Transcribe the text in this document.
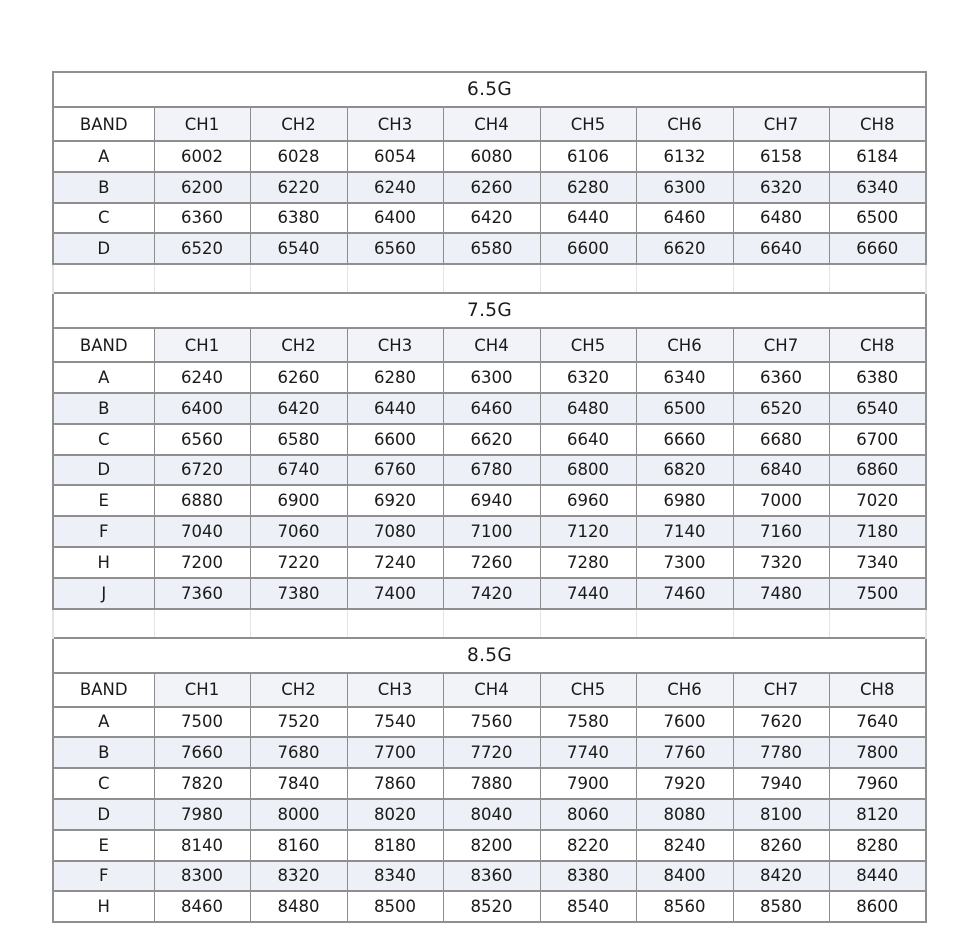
6.5G								
BAND	CH1	CH2	CH3	CH4	CH5	CH6	CH7	CH8
A	6002	6028	6054	6080	6106	6132	6158	6184
B	6200	6220	6240	6260	6280	6300	6320	6340
C	6360	6380	6400	6420	6440	6460	6480	6500
D	6520	6540	6560	6580	6600	6620	6640	6660

7.5G								
BAND	CH1	CH2	CH3	CH4	CH5	CH6	CH7	CH8
A	6240	6260	6280	6300	6320	6340	6360	6380
B	6400	6420	6440	6460	6480	6500	6520	6540
C	6560	6580	6600	6620	6640	6660	6680	6700
D	6720	6740	6760	6780	6800	6820	6840	6860
E	6880	6900	6920	6940	6960	6980	7000	7020
F	7040	7060	7080	7100	7120	7140	7160	7180
H	7200	7220	7240	7260	7280	7300	7320	7340
J	7360	7380	7400	7420	7440	7460	7480	7500

8.5G								
BAND	CH1	CH2	CH3	CH4	CH5	CH6	CH7	CH8
A	7500	7520	7540	7560	7580	7600	7620	7640
B	7660	7680	7700	7720	7740	7760	7780	7800
C	7820	7840	7860	7880	7900	7920	7940	7960
D	7980	8000	8020	8040	8060	8080	8100	8120
E	8140	8160	8180	8200	8220	8240	8260	8280
F	8300	8320	8340	8360	8380	8400	8420	8440
H	8460	8480	8500	8520	8540	8560	8580	8600
